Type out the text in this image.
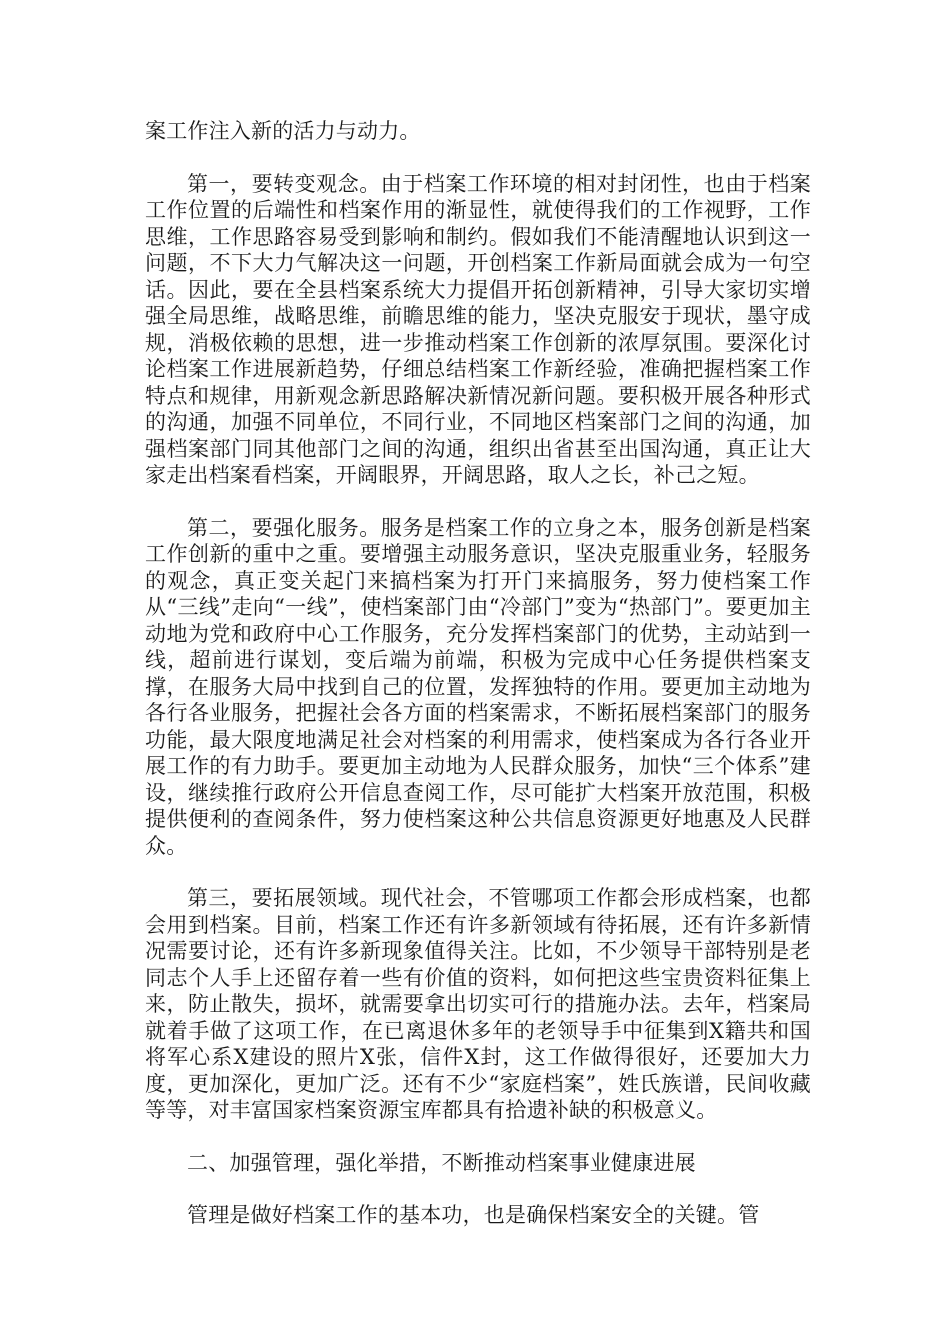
案工作注入新的活力与动力。

第一，要转变观念。由于档案工作环境的相对封闭性，也由于档案工作位置的后端性和档案作用的渐显性，就使得我们的工作视野，工作思维，工作思路容易受到影响和制约。假如我们不能清醒地认识到这一问题，不下大力气解决这一问题，开创档案工作新局面就会成为一句空话。因此，要在全县档案系统大力提倡开拓创新精神，引导大家切实增强全局思维，战略思维，前瞻思维的能力，坚决克服安于现状，墨守成规，消极依赖的思想，进一步推动档案工作创新的浓厚氛围。要深化讨论档案工作进展新趋势，仔细总结档案工作新经验，准确把握档案工作特点和规律，用新观念新思路解决新情况新问题。要积极开展各种形式的沟通，加强不同单位，不同行业，不同地区档案部门之间的沟通，加强档案部门同其他部门之间的沟通，组织出省甚至出国沟通，真正让大家走出档案看档案，开阔眼界，开阔思路，取人之长，补己之短。

第二，要强化服务。服务是档案工作的立身之本，服务创新是档案工作创新的重中之重。要增强主动服务意识，坚决克服重业务，轻服务的观念，真正变关起门来搞档案为打开门来搞服务，努力使档案工作从“三线”走向“一线”，使档案部门由“冷部门”变为“热部门”。要更加主动地为党和政府中心工作服务，充分发挥档案部门的优势，主动站到一线，超前进行谋划，变后端为前端，积极为完成中心任务提供档案支撑，在服务大局中找到自己的位置，发挥独特的作用。要更加主动地为各行各业服务，把握社会各方面的档案需求，不断拓展档案部门的服务功能，最大限度地满足社会对档案的利用需求，使档案成为各行各业开展工作的有力助手。要更加主动地为人民群众服务，加快“三个体系”建设，继续推行政府公开信息查阅工作，尽可能扩大档案开放范围，积极提供便利的查阅条件，努力使档案这种公共信息资源更好地惠及人民群众。

第三，要拓展领域。现代社会，不管哪项工作都会形成档案，也都会用到档案。目前，档案工作还有许多新领域有待拓展，还有许多新情况需要讨论，还有许多新现象值得关注。比如，不少领导干部特别是老同志个人手上还留存着一些有价值的资料，如何把这些宝贵资料征集上来，防止散失，损坏，就需要拿出切实可行的措施办法。去年，档案局就着手做了这项工作，在已离退休多年的老领导手中征集到X籍共和国将军心系X建设的照片X张，信件X封，这工作做得很好，还要加大力度，更加深化，更加广泛。还有不少“家庭档案”，姓氏族谱，民间收藏等等，对丰富国家档案资源宝库都具有拾遗补缺的积极意义。

二、加强管理，强化举措，不断推动档案事业健康进展

管理是做好档案工作的基本功，也是确保档案安全的关键。管
